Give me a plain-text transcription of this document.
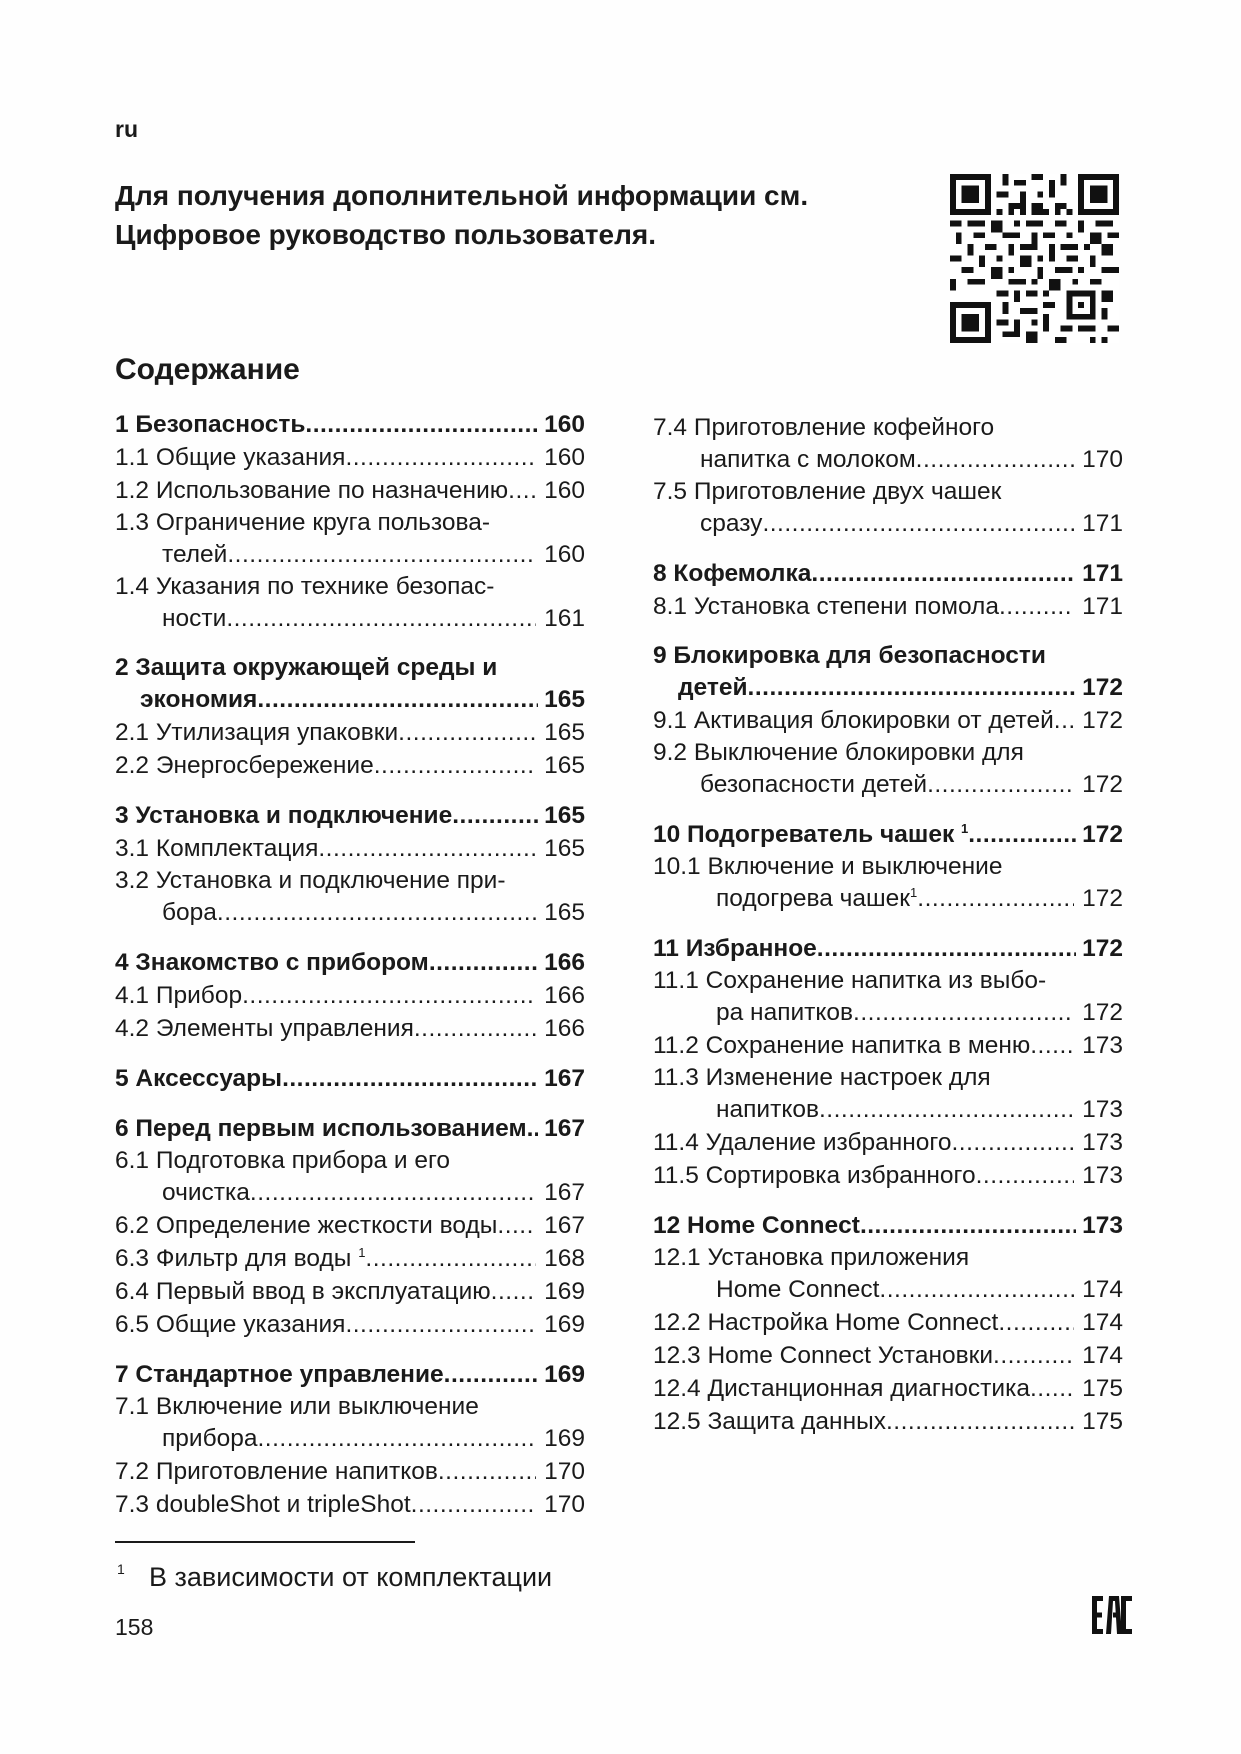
ru
Для получения дополнительной информации см.
Цифровое руководство пользователя.
Содержание
1 Безопасность .....	160
1.1 Общие указания .....	160
1.2 Использование по назначению .....	160
1.3 Ограничение круга пользова-
телей .....	160
1.4 Указания по технике безопас-
ности .....	161
2 Защита окружающей среды и
экономия .....	165
2.1 Утилизация упаковки .....	165
2.2 Энергосбережение .....	165
3 Установка и подключение .....	165
3.1 Комплектация .....	165
3.2 Установка и подключение при-
бора .....	165
4 Знакомство с прибором .....	166
4.1 Прибор .....	166
4.2 Элементы управления .....	166
5 Аксессуары .....	167
6 Перед первым использованием. ..... 167
6.1 Подготовка прибора и его
очистка .....	167
6.2 Определение жесткости воды .....	167
6.3 Фильтр для воды $^1$ .....	168
6.4 Первый ввод в эксплуатацию .....	169
6.5 Общие указания .....	169
7 Стандартное управление .....	169
7.1 Включение или выключение
прибора .....	169
7.2 Приготовление напитков .....	170
7.3 doubleShot и tripleShot .....	170
7.4 Приготовление кофейного
напитка с молоком .....	170
7.5 Приготовление двух чашек
сразу .....	171
8 Кофемолка .....	171
8.1 Установка степени помола .....	171
9 Блокировка для безопасности
детей .....	172
9.1 Активация блокировки от детей .....	172
9.2 Выключение блокировки для
безопасности детей .....	172
10 Подогреватель чашек $^1$ .....	172
10.1 Включение и выключение
подогрева чашек$^1$ .....	172
11 Избранное .....	172
11.1 Сохранение напитка из выбо-
ра напитков .....	172
11.2 Сохранение напитка в меню .....	173
11.3 Изменение настроек для
напитков .....	173
11.4 Удаление избранного .....	173
11.5 Сортировка избранного .....	173
12 Home Connect .....	173
12.1 Установка приложения
Home Connect .....	174
12.2 Настройка Home Connect .....	174
12.3 Home Connect Установки .....	174
12.4 Дистанционная диагностика .....	175
12.5 Защита данных .....	175
1 В зависимости от комплектации
158
